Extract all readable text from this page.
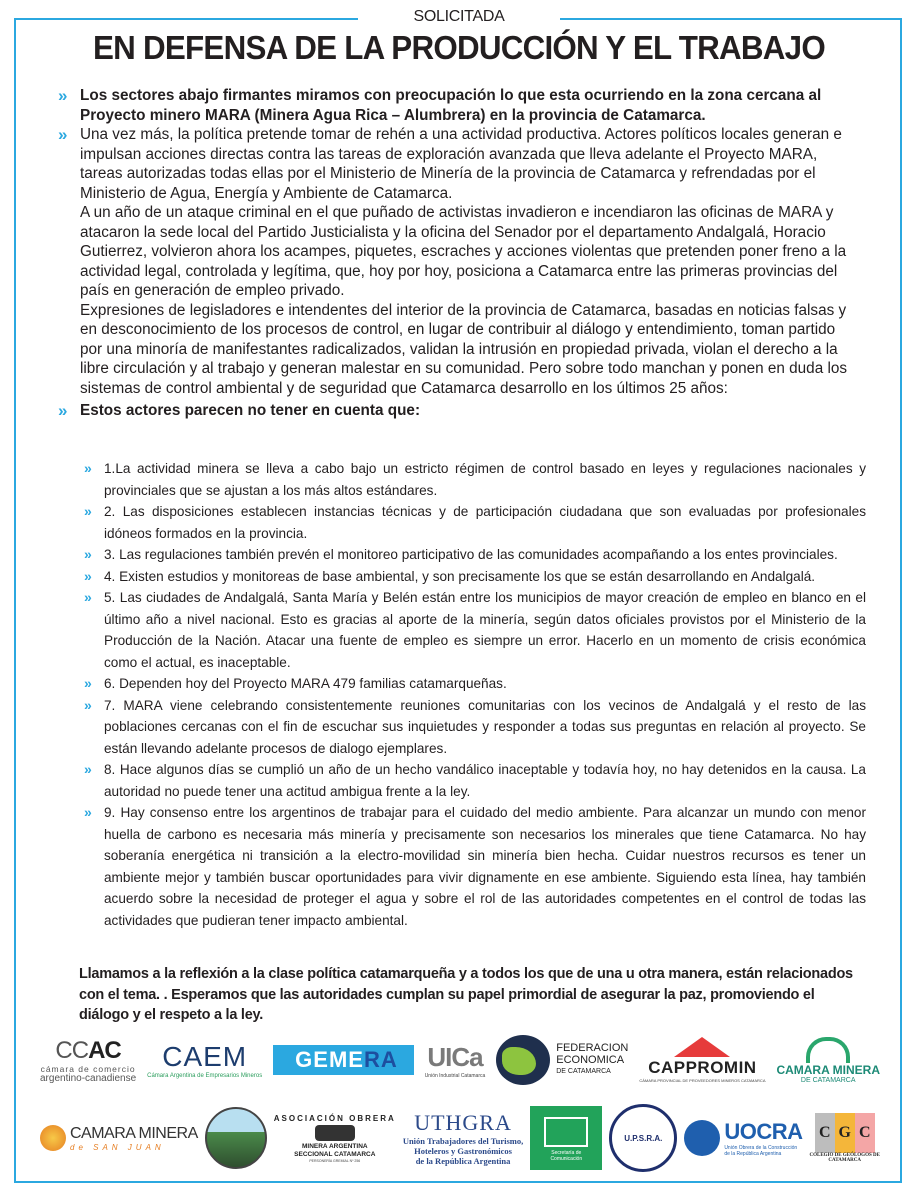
SOLICITADA
EN DEFENSA DE LA PRODUCCIÓN Y EL TRABAJO
» Los sectores abajo firmantes miramos con preocupación lo que esta ocurriendo en la zona cercana al Proyecto minero MARA (Minera Agua Rica – Alumbrera) en la provincia de Catamarca.

» Una vez más, la política pretende tomar de rehén a una actividad productiva. Actores políticos locales generan e impulsan acciones directas contra las tareas de exploración avanzada que lleva adelante el Proyecto MARA, tareas autorizadas todas ellas por el Ministerio de Minería de la provincia de Catamarca y refrendadas por el Ministerio de Agua, Energía y Ambiente de Catamarca.

A un año de un ataque criminal en el que puñado de activistas invadieron e incendiaron las oficinas de MARA y atacaron la sede local del Partido Justicialista y la oficina del Senador por el departamento Andalgalá, Horacio Gutierrez, volvieron ahora los acampes, piquetes, escraches y acciones violentas que pretenden poner freno a la actividad legal, controlada y legítima, que, hoy por hoy, posiciona a Catamarca entre las primeras provincias del país en generación de empleo privado.

Expresiones de legisladores e intendentes del interior de la provincia de Catamarca, basadas en noticias falsas y en desconocimiento de los procesos de control, en lugar de contribuir al diálogo y entendimiento, toman partido por una minoría de manifestantes radicalizados, validan la intrusión en propiedad privada, violan el derecho a la libre circulación y al trabajo y generan malestar en su comunidad. Pero sobre todo manchan y ponen en duda los sistemas de control ambiental y de seguridad que Catamarca desarrollo en los últimos 25 años:

» Estos actores parecen no tener en cuenta que:

» 1.La actividad minera se lleva a cabo bajo un estricto régimen de control basado en leyes y regulaciones nacionales y provinciales que se ajustan a los más altos estándares.

» 2. Las disposiciones establecen instancias técnicas y de participación ciudadana que son evaluadas por profesionales idóneos formados en la provincia.

» 3. Las regulaciones también prevén el monitoreo participativo de las comunidades acompañando a los entes provinciales.

» 4. Existen estudios y monitoreas de base ambiental, y son precisamente los que se están desarrollando en Andalgalá.

» 5. Las ciudades de Andalgalá, Santa María y Belén están entre los municipios de mayor creación de empleo en blanco en el último año a nivel nacional. Esto es gracias al aporte de la minería, según datos oficiales provistos por el Ministerio de la Producción de la Nación. Atacar una fuente de empleo es siempre un error. Hacerlo en un momento de crisis económica como el actual, es inaceptable.

» 6. Dependen hoy del Proyecto MARA 479 familias catamarqueñas.

» 7. MARA viene celebrando consistentemente reuniones comunitarias con los vecinos de Andalgalá y el resto de las poblaciones cercanas con el fin de escuchar sus inquietudes y responder a todas sus preguntas en relación al proyecto. Se están llevando adelante procesos de dialogo ejemplares.

» 8. Hace algunos días se cumplió un año de un hecho vandálico inaceptable y todavía hoy, no hay detenidos en la causa. La autoridad no puede tener una actitud ambigua frente a la ley.

» 9. Hay consenso entre los argentinos de trabajar para el cuidado del medio ambiente. Para alcanzar un mundo con menor huella de carbono es necesaria más minería y precisamente son necesarios los minerales que tiene Catamarca. No hay soberanía energética ni transición a la electro-movilidad sin minería bien hecha. Cuidar nuestros recursos es tener un ambiente mejor y también buscar oportunidades para vivir dignamente en ese ambiente. Siguiendo esta línea, hay también acuerdo sobre la necesidad de proteger el agua y sobre el rol de las autoridades competentes en el control de todas las actividades que pudieran tener impacto ambiental.

Llamamos a la reflexión a la clase política catamarqueña y a todos los que de una u otra manera, están relacionados con el tema. . Esperamos que las autoridades cumplan su papel primordial de asegurar la paz, promoviendo el diálogo y el respeto a la ley.
CCAC
cámara de comercio
argentino-canadiense
CAEM
Cámara Argentina de Empresarios Mineros
GEMERA	UICa
Unión Industrial Catamarca
FEDERACION
ECONOMICA
DE CATAMARCA	CAPPROMIN
CÁMARA PROVINCIAL DE PROVEEDORES MINEROS CATAMARCA
CAMARA MINERA
DE CATAMARCA
CAMARA MINERA
de SAN JUAN
ASOCIACIÓN OBRERA
MINERA ARGENTINA
SECCIONAL CATAMARCA
PERSONERÍA GREMIAL Nº 256
UTHGRA
Unión Trabajadores del Turismo,
Hoteleros y Gastronómicos
de la República Argentina
Secretaría de
Comunicación
U.P.S.R.A.	UOCRA
Unión Obrera de la Construcción
de la República Argentina
C G C
COLEGIO DE GEÓLOGOS DE
CATAMARCA
